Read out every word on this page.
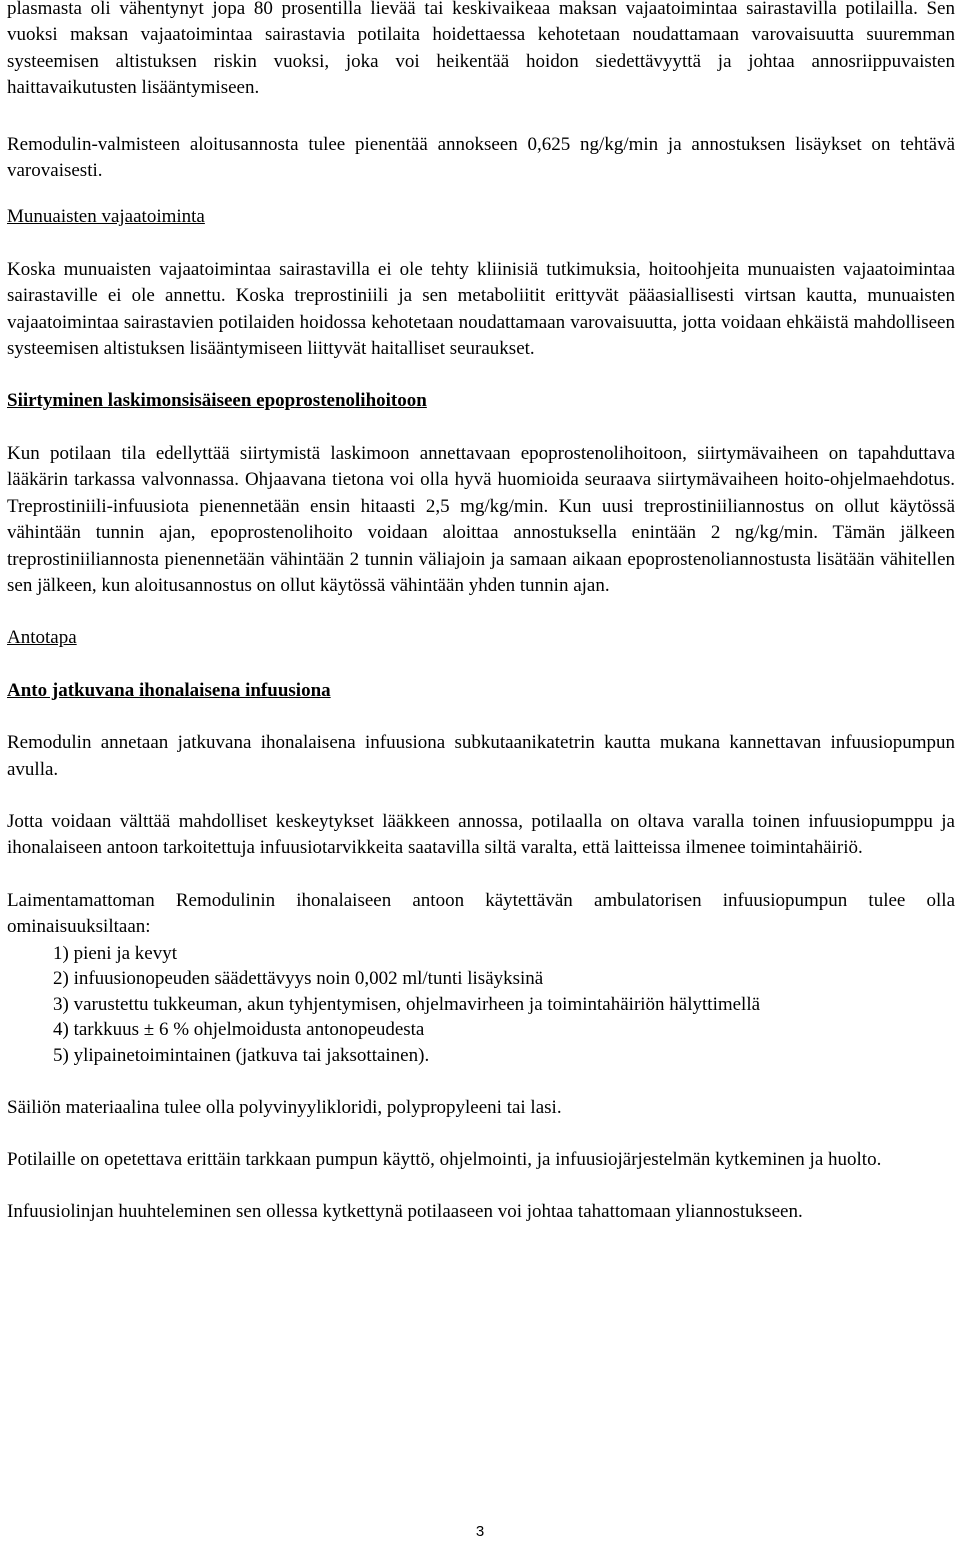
plasmasta oli vähentynyt jopa 80 prosentilla lievää tai keskivaikeaa maksan vajaatoimintaa sairastavilla potilailla. Sen vuoksi maksan vajaatoimintaa sairastavia potilaita hoidettaessa kehotetaan noudattamaan varovaisuutta suuremman systeemisen altistuksen riskin vuoksi, joka voi heikentää hoidon siedettävyyttä ja johtaa annosriippuvaisten haittavaikutusten lisääntymiseen.

Remodulin-valmisteen aloitusannosta tulee pienentää annokseen 0,625 ng/kg/min ja annostuksen lisäykset on tehtävä varovaisesti.

Munuaisten vajaatoiminta

Koska munuaisten vajaatoimintaa sairastavilla ei ole tehty kliinisiä tutkimuksia, hoitoohjeita munuaisten vajaatoimintaa sairastaville ei ole annettu. Koska treprostiniili ja sen metaboliitit erittyvät pääasiallisesti virtsan kautta, munuaisten vajaatoimintaa sairastavien potilaiden hoidossa kehotetaan noudattamaan varovaisuutta, jotta voidaan ehkäistä mahdolliseen systeemisen altistuksen lisääntymiseen liittyvät haitalliset seuraukset.

Siirtyminen laskimonsisäiseen epoprostenolihoitoon

Kun potilaan tila edellyttää siirtymistä laskimoon annettavaan epoprostenolihoitoon, siirtymävaiheen on tapahduttava lääkärin tarkassa valvonnassa. Ohjaavana tietona voi olla hyvä huomioida seuraava siirtymävaiheen hoito-ohjelmaehdotus. Treprostiniili-infuusiota pienennetään ensin hitaasti 2,5 mg/kg/min. Kun uusi treprostiniiliannostus on ollut käytössä vähintään tunnin ajan, epoprostenolihoito voidaan aloittaa annostuksella enintään 2 ng/kg/min. Tämän jälkeen treprostiniiliannosta pienennetään vähintään 2 tunnin väliajoin ja samaan aikaan epoprostenoliannostusta lisätään vähitellen sen jälkeen, kun aloitusannostus on ollut käytössä vähintään yhden tunnin ajan.

Antotapa

Anto jatkuvana ihonalaisena infuusiona

Remodulin annetaan jatkuvana ihonalaisena infuusiona subkutaanikatetrin kautta mukana kannettavan infuusiopumpun avulla.

Jotta voidaan välttää mahdolliset keskeytykset lääkkeen annossa, potilaalla on oltava varalla toinen infuusiopumppu ja ihonalaiseen antoon tarkoitettuja infuusiotarvikkeita saatavilla siltä varalta, että laitteissa ilmenee toimintahäiriö.

Laimentamattoman Remodulinin ihonalaiseen antoon käytettävän ambulatorisen infuusiopumpun tulee olla ominaisuuksiltaan:

1) pieni ja kevyt
2) infuusionopeuden säädettävyys noin 0,002 ml/tunti lisäyksinä
3) varustettu tukkeuman, akun tyhjentymisen, ohjelmavirheen ja toimintahäiriön hälyttimellä
4) tarkkuus ± 6 % ohjelmoidusta antonopeudesta
5) ylipainetoimintainen (jatkuva tai jaksottainen).

Säiliön materiaalina tulee olla polyvinyylikloridi, polypropyleeni tai lasi.

Potilaille on opetettava erittäin tarkkaan pumpun käyttö, ohjelmointi, ja infuusiojärjestelmän kytkeminen ja huolto.

Infuusiolinjan huuhteleminen sen ollessa kytkettynä potilaaseen voi johtaa tahattomaan yliannostukseen.

3
